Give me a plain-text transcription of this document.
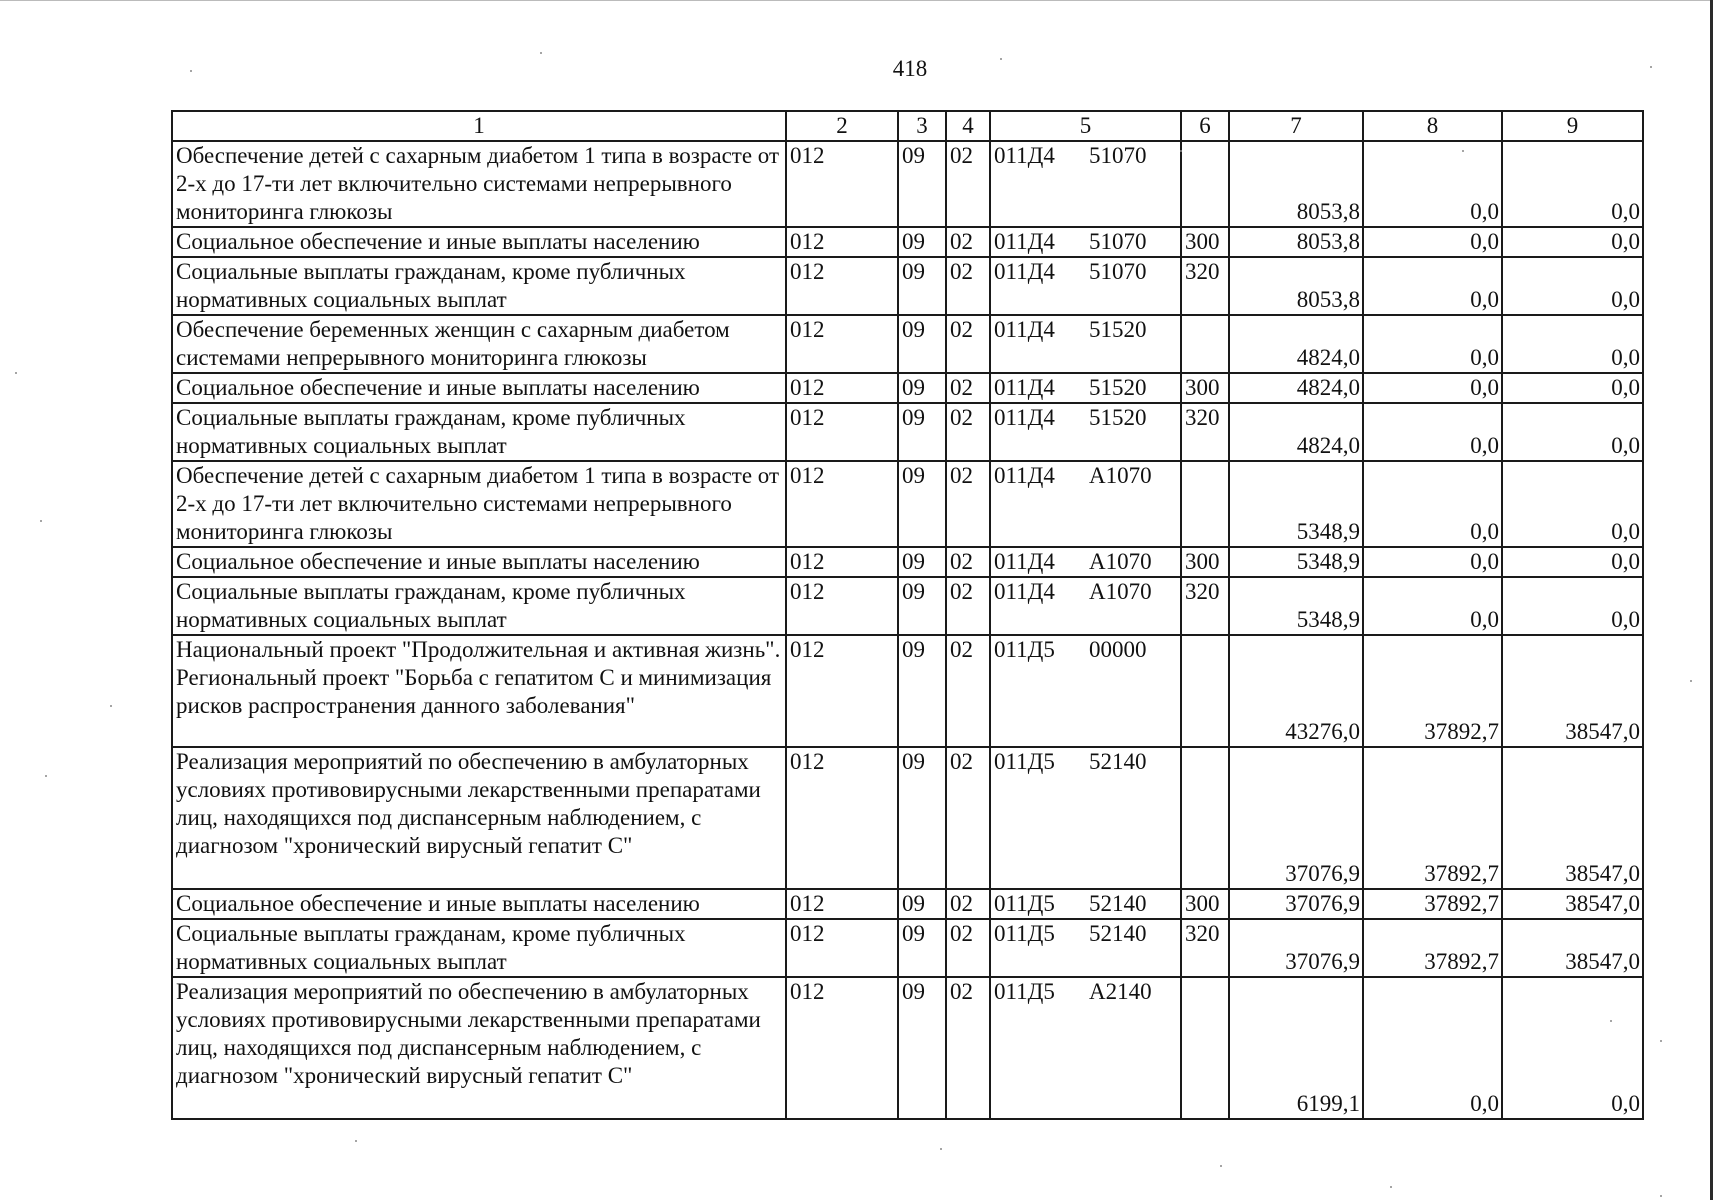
418
1	2	3	4	5	6	7	8	9
Обеспечение детей с сахарным диабетом 1 типа в возрасте от 2-х до 17-ти лет включительно системами непрерывного мониторинга глюкозы	012	09	02	011Д4 51070		8053,8	0,0	0,0
Социальное обеспечение и иные выплаты населению	012	09	02	011Д4 51070	300	8053,8	0,0	0,0
Социальные выплаты гражданам, кроме публичных нормативных социальных выплат	012	09	02	011Д4 51070	320	8053,8	0,0	0,0
Обеспечение беременных женщин с сахарным диабетом системами непрерывного мониторинга глюкозы	012	09	02	011Д4 51520		4824,0	0,0	0,0
Социальное обеспечение и иные выплаты населению	012	09	02	011Д4 51520	300	4824,0	0,0	0,0
Социальные выплаты гражданам, кроме публичных нормативных социальных выплат	012	09	02	011Д4 51520	320	4824,0	0,0	0,0
Обеспечение детей с сахарным диабетом 1 типа в возрасте от 2-х до 17-ти лет включительно системами непрерывного мониторинга глюкозы	012	09	02	011Д4 А1070		5348,9	0,0	0,0
Социальное обеспечение и иные выплаты населению	012	09	02	011Д4 А1070	300	5348,9	0,0	0,0
Социальные выплаты гражданам, кроме публичных нормативных социальных выплат	012	09	02	011Д4 А1070	320	5348,9	0,0	0,0
Национальный проект "Продолжительная и активная жизнь". Региональный проект "Борьба с гепатитом С и минимизация рисков распространения данного заболевания"	012	09	02	011Д5 00000		43276,0	37892,7	38547,0
Реализация мероприятий по обеспечению в амбулаторных условиях противовирусными лекарственными препаратами лиц, находящихся под диспансерным наблюдением, с диагнозом "хронический вирусный гепатит С"	012	09	02	011Д5 52140		37076,9	37892,7	38547,0
Социальное обеспечение и иные выплаты населению	012	09	02	011Д5 52140	300	37076,9	37892,7	38547,0
Социальные выплаты гражданам, кроме публичных нормативных социальных выплат	012	09	02	011Д5 52140	320	37076,9	37892,7	38547,0
Реализация мероприятий по обеспечению в амбулаторных условиях противовирусными лекарственными препаратами лиц, находящихся под диспансерным наблюдением, с диагнозом "хронический вирусный гепатит С"	012	09	02	011Д5 А2140		6199,1	0,0	0,0
